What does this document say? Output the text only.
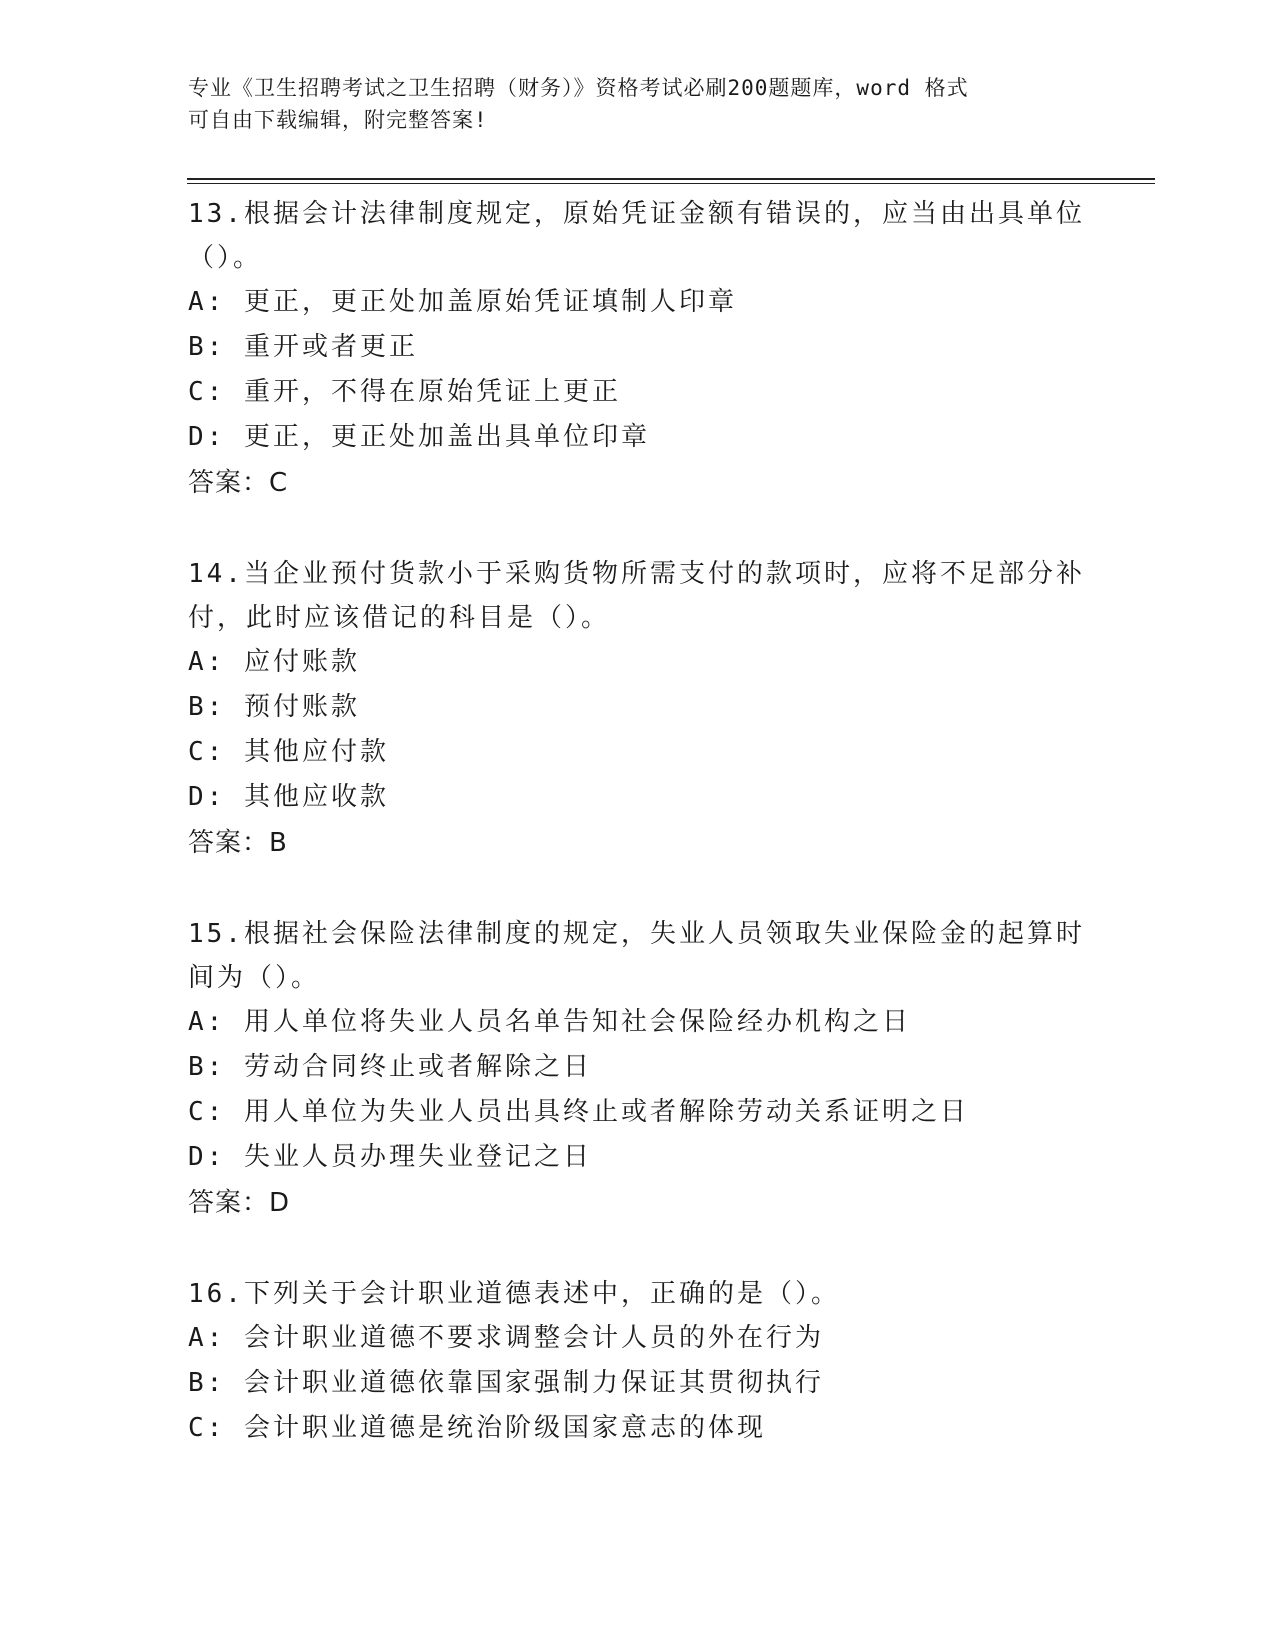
专业《卫生招聘考试之卫生招聘（财务）》资格考试必刷200题题库，word 格式
可自由下载编辑，附完整答案!
13.根据会计法律制度规定，原始凭证金额有错误的，应当由出具单位
（）。
A: 更正，更正处加盖原始凭证填制人印章
B: 重开或者更正
C: 重开，不得在原始凭证上更正
D: 更正，更正处加盖出具单位印章
答案：C
14.当企业预付货款小于采购货物所需支付的款项时，应将不足部分补
付，此时应该借记的科目是（）。
A: 应付账款
B: 预付账款
C: 其他应付款
D: 其他应收款
答案：B
15.根据社会保险法律制度的规定，失业人员领取失业保险金的起算时
间为（）。
A: 用人单位将失业人员名单告知社会保险经办机构之日
B: 劳动合同终止或者解除之日
C: 用人单位为失业人员出具终止或者解除劳动关系证明之日
D: 失业人员办理失业登记之日
答案：D
16.下列关于会计职业道德表述中，正确的是（）。
A: 会计职业道德不要求调整会计人员的外在行为
B: 会计职业道德依靠国家强制力保证其贯彻执行
C: 会计职业道德是统治阶级国家意志的体现
